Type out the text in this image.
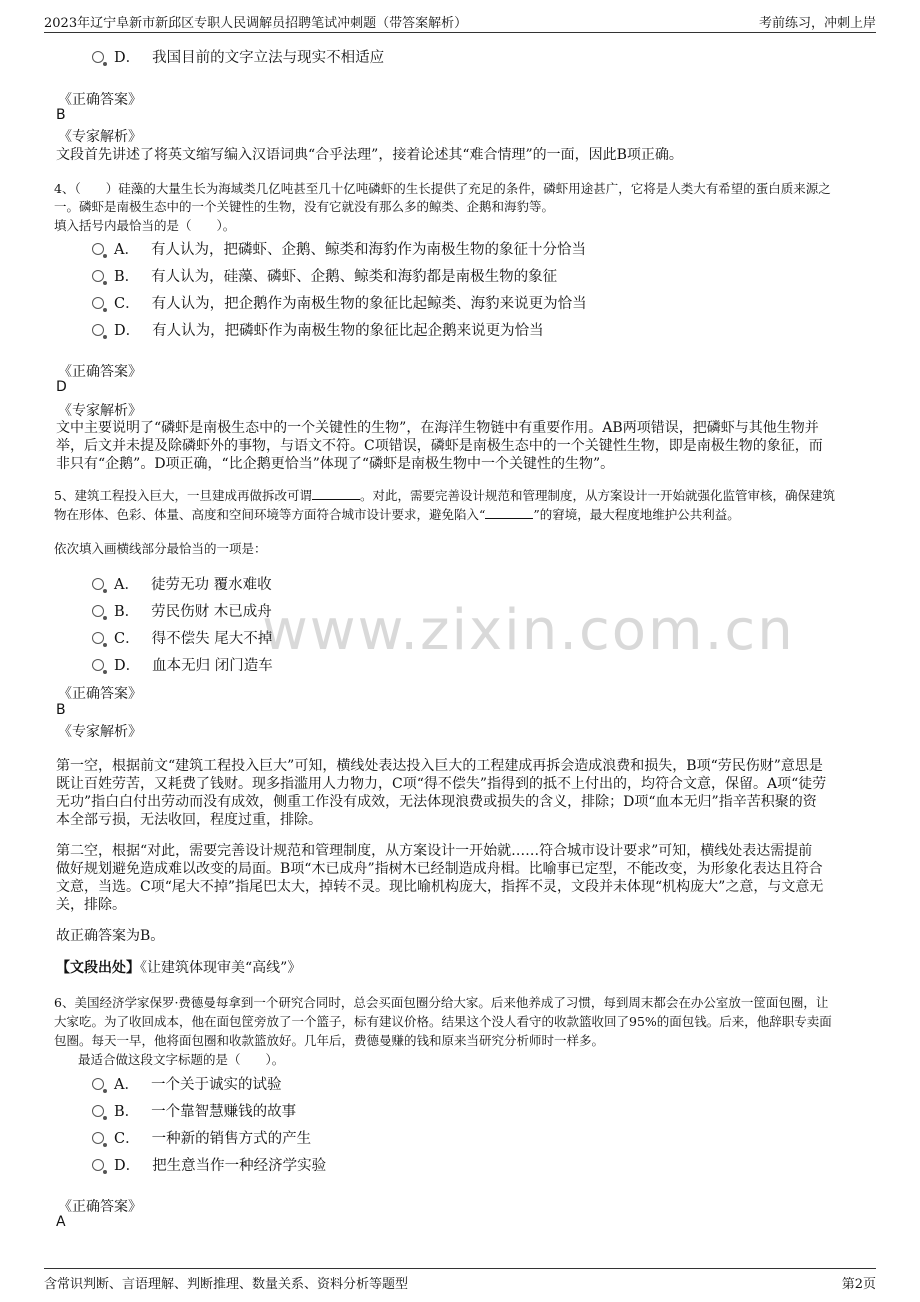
2023年辽宁阜新市新邱区专职人民调解员招聘笔试冲刺题（带答案解析）	考前练习，冲刺上岸
www.zixin.com.cn
D． 我国目前的文字立法与现实不相适应
《正确答案》
B
《专家解析》
文段首先讲述了将英文缩写编入汉语词典“合乎法理”，接着论述其“难合情理”的一面，因此B项正确。
4、（　　）硅藻的大量生长为海域类几亿吨甚至几十亿吨磷虾的生长提供了充足的条件，磷虾用途甚广，它将是人类大有希望的蛋白质来源之
一。磷虾是南极生态中的一个关键性的生物，没有它就没有那么多的鲸类、企鹅和海豹等。
填入括号内最恰当的是（　　）。
A． 有人认为，把磷虾、企鹅、鲸类和海豹作为南极生物的象征十分恰当
B． 有人认为，硅藻、磷虾、企鹅、鲸类和海豹都是南极生物的象征
C． 有人认为，把企鹅作为南极生物的象征比起鲸类、海豹来说更为恰当
D． 有人认为，把磷虾作为南极生物的象征比起企鹅来说更为恰当
《正确答案》
D
《专家解析》
文中主要说明了“磷虾是南极生态中的一个关键性的生物”，在海洋生物链中有重要作用。AB两项错误，把磷虾与其他生物并
举，后文并未提及除磷虾外的事物，与语文不符。C项错误，磷虾是南极生态中的一个关键性生物，即是南极生物的象征，而
非只有“企鹅”。D项正确，“比企鹅更恰当”体现了“磷虾是南极生物中一个关键性的生物”。
5、建筑工程投入巨大，一旦建成再做拆改可谓	。对此，需要完善设计规范和管理制度，从方案设计一开始就强化监管审核，确保建筑
物在形体、色彩、体量、高度和空间环境等方面符合城市设计要求，避免陷入“	”的窘境，最大程度地维护公共利益。
依次填入画横线部分最恰当的一项是：
A． 徒劳无功 覆水难收
B． 劳民伤财 木已成舟
C． 得不偿失 尾大不掉
D． 血本无归 闭门造车
《正确答案》
B
《专家解析》
第一空，根据前文“建筑工程投入巨大”可知，横线处表达投入巨大的工程建成再拆会造成浪费和损失，B项“劳民伤财”意思是
既让百姓劳苦，又耗费了钱财。现多指滥用人力物力，C项“得不偿失”指得到的抵不上付出的，均符合文意，保留。A项“徒劳
无功”指白白付出劳动而没有成效，侧重工作没有成效，无法体现浪费或损失的含义，排除；D项“血本无归”指辛苦积聚的资
本全部亏损，无法收回，程度过重，排除。
第二空，根据“对此，需要完善设计规范和管理制度，从方案设计一开始就……符合城市设计要求”可知，横线处表达需提前
做好规划避免造成难以改变的局面。B项“木已成舟”指树木已经制造成舟楫。比喻事已定型，不能改变，为形象化表达且符合
文意，当选。C项“尾大不掉”指尾巴太大，掉转不灵。现比喻机构庞大，指挥不灵，文段并未体现“机构庞大”之意，与文意无
关，排除。
故正确答案为B。
【文段出处】《让建筑体现审美“高线”》
6、美国经济学家保罗·费德曼每拿到一个研究合同时，总会买面包圈分给大家。后来他养成了习惯，每到周末都会在办公室放一筐面包圈，让
大家吃。为了收回成本，他在面包筐旁放了一个篮子，标有建议价格。结果这个没人看守的收款篮收回了95%的面包钱。后来，他辞职专卖面
包圈。每天一早，他将面包圈和收款篮放好。几年后，费德曼赚的钱和原来当研究分析师时一样多。
最适合做这段文字标题的是（　　）。
A． 一个关于诚实的试验
B． 一个靠智慧赚钱的故事
C． 一种新的销售方式的产生
D． 把生意当作一种经济学实验
《正确答案》
A
含常识判断、言语理解、判断推理、数量关系、资料分析等题型	第2页
